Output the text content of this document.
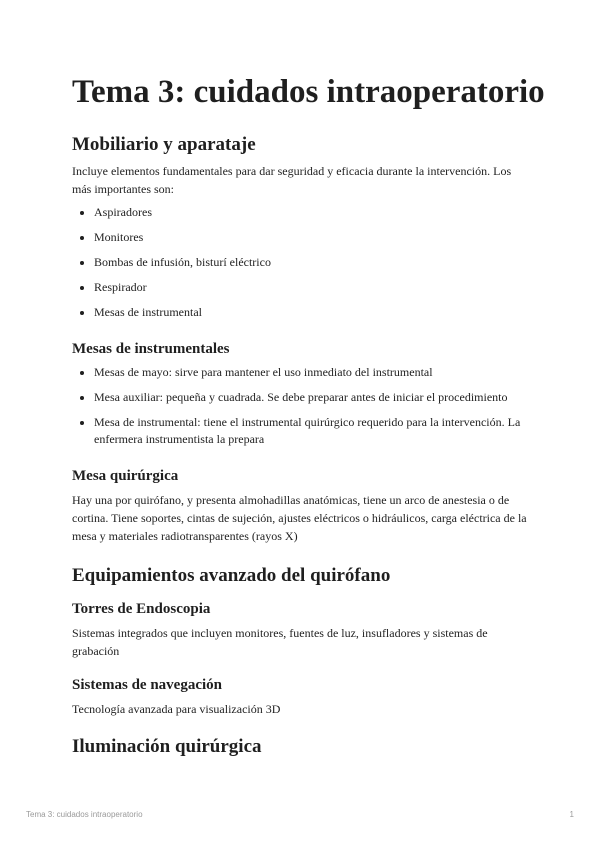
Tema 3: cuidados intraoperatorio
Mobiliario y aparataje

Incluye elementos fundamentales para dar seguridad y eficacia durante la intervención. Los más importantes son:

Aspiradores
Monitores
Bombas de infusión, bisturí eléctrico
Respirador
Mesas de instrumental
Mesas de instrumentales
Mesas de mayo: sirve para mantener el uso inmediato del instrumental
Mesa auxiliar: pequeña y cuadrada. Se debe preparar antes de iniciar el procedimiento
Mesa de instrumental: tiene el instrumental quirúrgico requerido para la intervención. La enfermera instrumentista la prepara
Mesa quirúrgica

Hay una por quirófano, y presenta almohadillas anatómicas, tiene un arco de anestesia o de cortina. Tiene soportes, cintas de sujeción, ajustes eléctricos o hidráulicos, carga eléctrica de la mesa y materiales radiotransparentes (rayos X)

Equipamientos avanzado del quirófano
Torres de Endoscopia

Sistemas integrados que incluyen monitores, fuentes de luz, insufladores y sistemas de grabación

Sistemas de navegación

Tecnología avanzada para visualización 3D

Iluminación quirúrgica
Tema 3: cuidados intraoperatorio	1
